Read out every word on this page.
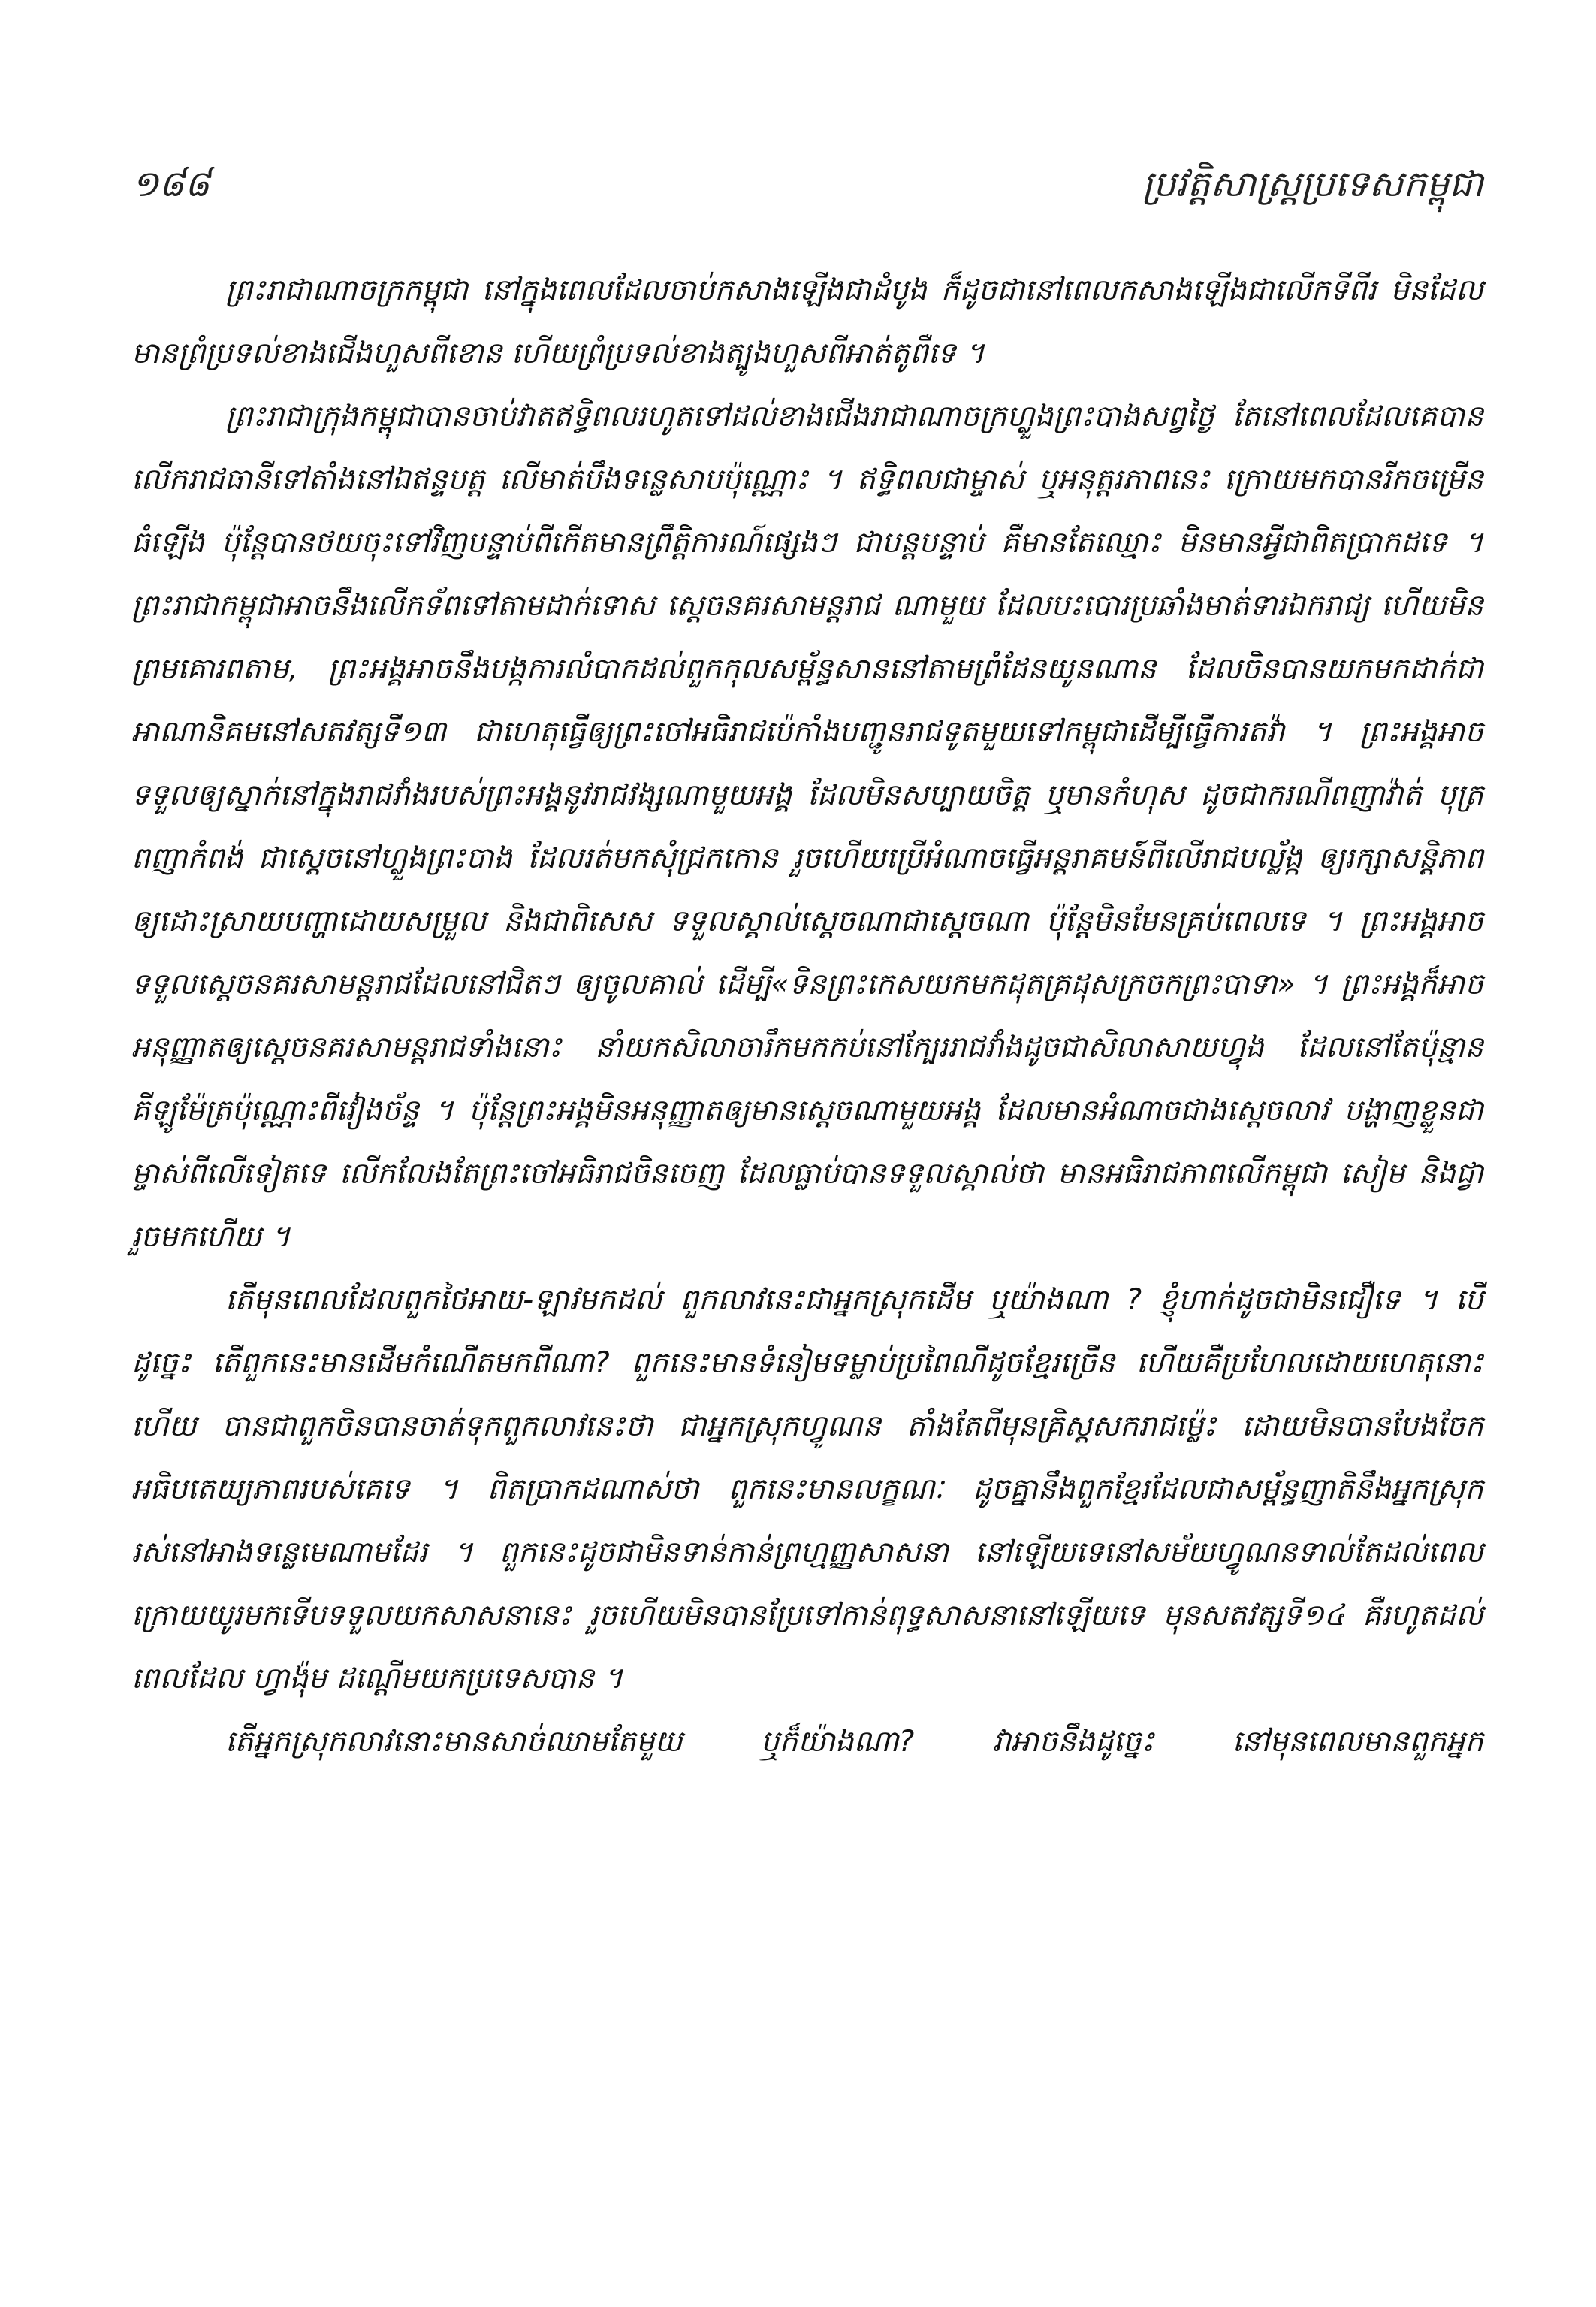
១៨៨	ប្រវត្តិសាស្ត្រប្រទេសកម្ពុជា

ព្រះរាជាណាចក្រកម្ពុជា នៅក្នុងពេលដែលចាប់កសាងឡើងជាដំបូង ក៏ដូចជានៅពេលកសាងឡើងជាលើកទីពីរ មិនដែលមានព្រំប្រទល់ខាងជើងហួសពីខោន ហើយព្រំប្រទល់ខាងត្បូងហួសពីអាត់តូពឺទេ ។

ព្រះរាជាក្រុងកម្ពុជាបានចាប់វាតឥទ្ធិពលរហូតទៅដល់ខាងជើងរាជាណាចក្រហ្លួងព្រះបាងសព្វថ្ងៃ តែនៅពេលដែលគេបានលើករាជធានីទៅតាំងនៅឯឥន្ទបត្ត លើមាត់បឹងទន្លេសាបប៉ុណ្ណោះ ។ ឥទ្ធិពលជាម្ចាស់ ឬអនុត្តរភាពនេះ ក្រោយមកបានរីកចម្រើនធំឡើង ប៉ុន្តែបានថយចុះទៅវិញបន្ទាប់ពីកើតមានព្រឹត្តិការណ៍ផ្សេងៗ ជាបន្តបន្ទាប់ គឺមានតែឈ្មោះ មិនមានអ្វីជាពិតប្រាកដទេ ។ ព្រះរាជាកម្ពុជាអាចនឹងលើកទ័ពទៅតាមដាក់ទោស ស្តេចនគរសាមន្តរាជ ណាមួយ ដែលបះបោរប្រឆាំងមាត់ទារឯករាជ្យ ហើយមិនព្រមគោរពតាម, ព្រះអង្គអាចនឹងបង្កការលំបាកដល់ពួកកុលសម្ព័ន្ធសាននៅតាមព្រំដែនយូនណាន ដែលចិនបានយកមកដាក់ជាអាណានិគមនៅសតវត្សទី១៣ ជាហេតុធ្វើឲ្យព្រះចៅអធិរាជប៉េកាំងបញ្ជូនរាជទូតមួយទៅកម្ពុជាដើម្បីធ្វើការតវ៉ា ។ ព្រះអង្គអាចទទួលឲ្យស្នាក់នៅក្នុងរាជវាំងរបស់ព្រះអង្គនូវរាជវង្សណាមួយអង្គ ដែលមិនសប្បាយចិត្ត ឬមានកំហុស ដូចជាករណីពញាវ៉ាត់ បុត្រពញាកំពង់ ជាស្តេចនៅហ្លួងព្រះបាង ដែលរត់មកសុំជ្រកកោន រួចហើយប្រើអំណាចធ្វើអន្តរាគមន៍ពីលើរាជបល្ល័ង្ក ឲ្យរក្សាសន្តិភាព ឲ្យដោះស្រាយបញ្ហាដោយសម្រួល និងជាពិសេស ទទួលស្គាល់ស្តេចណាជាស្តេចណា ប៉ុន្តែមិនមែនគ្រប់ពេលទេ ។ ព្រះអង្គអាចទទួលស្តេចនគរសាមន្តរាជដែលនៅជិតៗ ឲ្យចូលគាល់ ដើម្បី«ទិនព្រះកេសយកមកដុតគ្រដុសក្រចកព្រះបាទា» ។ ព្រះអង្គក៏អាចអនុញ្ញាតឲ្យស្តេចនគរសាមន្តរាជទាំងនោះ នាំយកសិលាចារឹកមកកប់នៅក្បែររាជវាំងដូចជាសិលាសាយហ្វុង ដែលនៅតែប៉ុន្មានគីឡូម៉ែត្រប៉ុណ្ណោះពីវៀងច័ន្ទ ។ ប៉ុន្តែព្រះអង្គមិនអនុញ្ញាតឲ្យមានស្តេចណាមួយអង្គ ដែលមានអំណាចជាងស្តេចលាវ បង្ហាញខ្លួនជាម្ចាស់ពីលើទៀតទេ លើកលែងតែព្រះចៅអធិរាជចិនចេញ ដែលធ្លាប់បានទទួលស្គាល់ថា មានអធិរាជភាពលើកម្ពុជា សៀម និងជ្វា រួចមកហើយ ។

តើមុនពេលដែលពួកថៃអាយ-ឡាវមកដល់ ពួកលាវនេះជាអ្នកស្រុកដើម ឬយ៉ាងណា ? ខ្ញុំហាក់ដូចជាមិនជឿទេ ។ បើដូច្នេះ តើពួកនេះមានដើមកំណើតមកពីណា? ពួកនេះមានទំនៀមទម្លាប់ប្រពៃណីដូចខ្មែរច្រើន ហើយគឺប្រហែលដោយហេតុនោះហើយ បានជាពួកចិនបានចាត់ទុកពួកលាវនេះថា ជាអ្នកស្រុកហ្វូណន តាំងតែពីមុនគ្រិស្តសករាជម៉្លេះ ដោយមិនបានបែងចែកអធិបតេយ្យភាពរបស់គេទេ ។ ពិតប្រាកដណាស់ថា ពួកនេះមានលក្ខណៈ ដូចគ្នានឹងពួកខ្មែរដែលជាសម្ព័ន្ធញាតិនឹងអ្នកស្រុករស់នៅអាងទន្លេមេណាមដែរ ។ ពួកនេះដូចជាមិនទាន់កាន់ព្រហ្មញ្ញសាសនា នៅឡើយទេនៅសម័យហ្វូណនទាល់តែដល់ពេលក្រោយយូរមកទើបទទួលយកសាសនានេះ រួចហើយមិនបានប្រែទៅកាន់ពុទ្ធសាសនានៅឡើយទេ មុនសតវត្សទី១៤ គឺរហូតដល់ពេលដែល ហ្វាង៉ុម ដណ្តើមយកប្រទេសបាន ។

តើអ្នកស្រុកលាវនោះមានសាច់ឈាមតែមួយ ឬក៏យ៉ាងណា? វាអាចនឹងដូច្នេះ នៅមុនពេលមានពួកអ្នក
